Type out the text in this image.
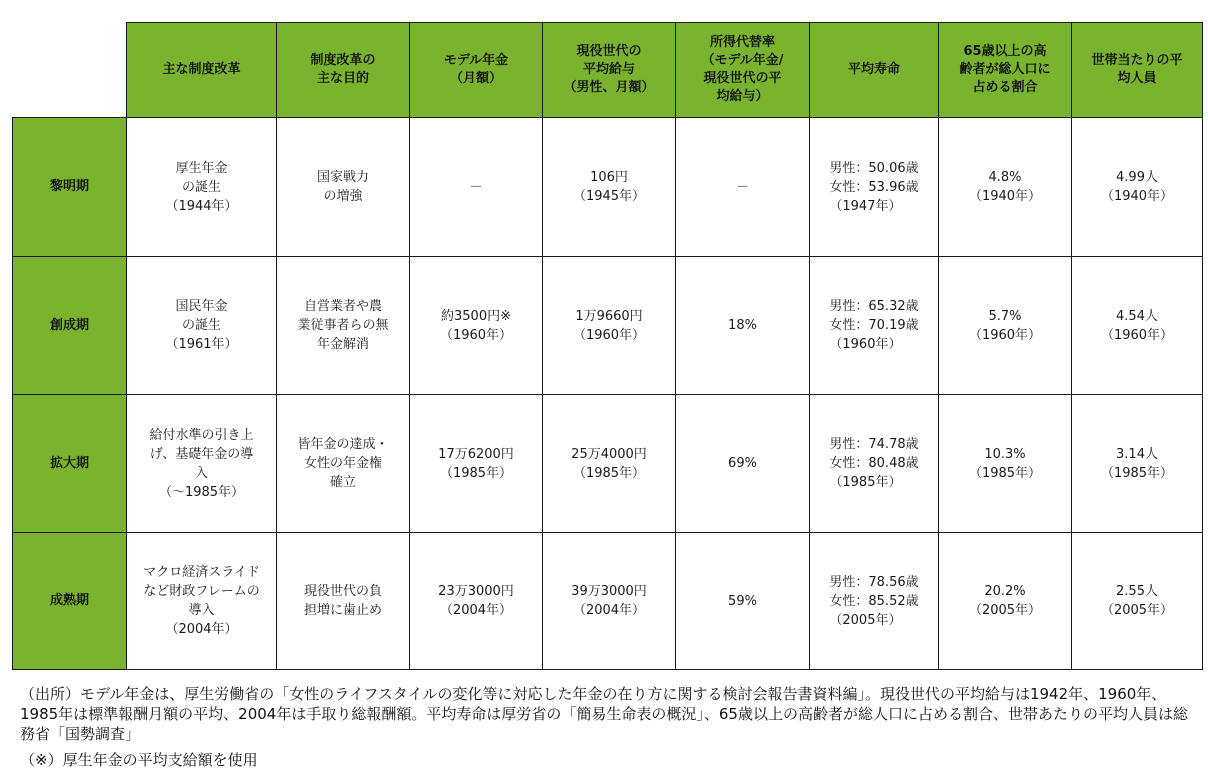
	主な制度改革	制度改革の
主な目的	モデル年金
（月額）	現役世代の
平均給与
（男性、月額）	所得代替率
（モデル年金/
現役世代の平
均給与）	平均寿命	65歳以上の高
齢者が総人口に
占める割合	世帯当たりの平
均人員
黎明期	厚生年金
の誕生
（1944年）	国家戦力
の増強	－	106円
（1945年）	－	男性：50.06歳
女性：53.96歳
（1947年）	4.8%
（1940年）	4.99人
（1940年）
創成期	国民年金
の誕生
（1961年）	自営業者や農
業従事者らの無
年金解消	約3500円※
（1960年）	1万9660円
（1960年）	18%	男性：65.32歳
女性：70.19歳
（1960年）	5.7%
（1960年）	4.54人
（1960年）
拡大期	給付水準の引き上
げ、基礎年金の導
入
（～1985年）	皆年金の達成・
女性の年金権
確立	17万6200円
（1985年）	25万4000円
（1985年）	69%	男性：74.78歳
女性：80.48歳
（1985年）	10.3%
（1985年）	3.14人
（1985年）
成熟期	マクロ経済スライド
など財政フレームの
導入
（2004年）	現役世代の負
担増に歯止め	23万3000円
（2004年）	39万3000円
（2004年）	59%	男性：78.56歳
女性：85.52歳
（2005年）	20.2%
（2005年）	2.55人
（2005年）
（出所）モデル年金は、厚生労働省の「女性のライフスタイルの変化等に対応した年金の在り方に関する検討会報告書資料編」。現役世代の平均給与は1942年、1960年、1985年は標準報酬月額の平均、2004年は手取り総報酬額。平均寿命は厚労省の「簡易生命表の概況」、65歳以上の高齢者が総人口に占める割合、世帯あたりの平均人員は総務省「国勢調査」
（※）厚生年金の平均支給額を使用
